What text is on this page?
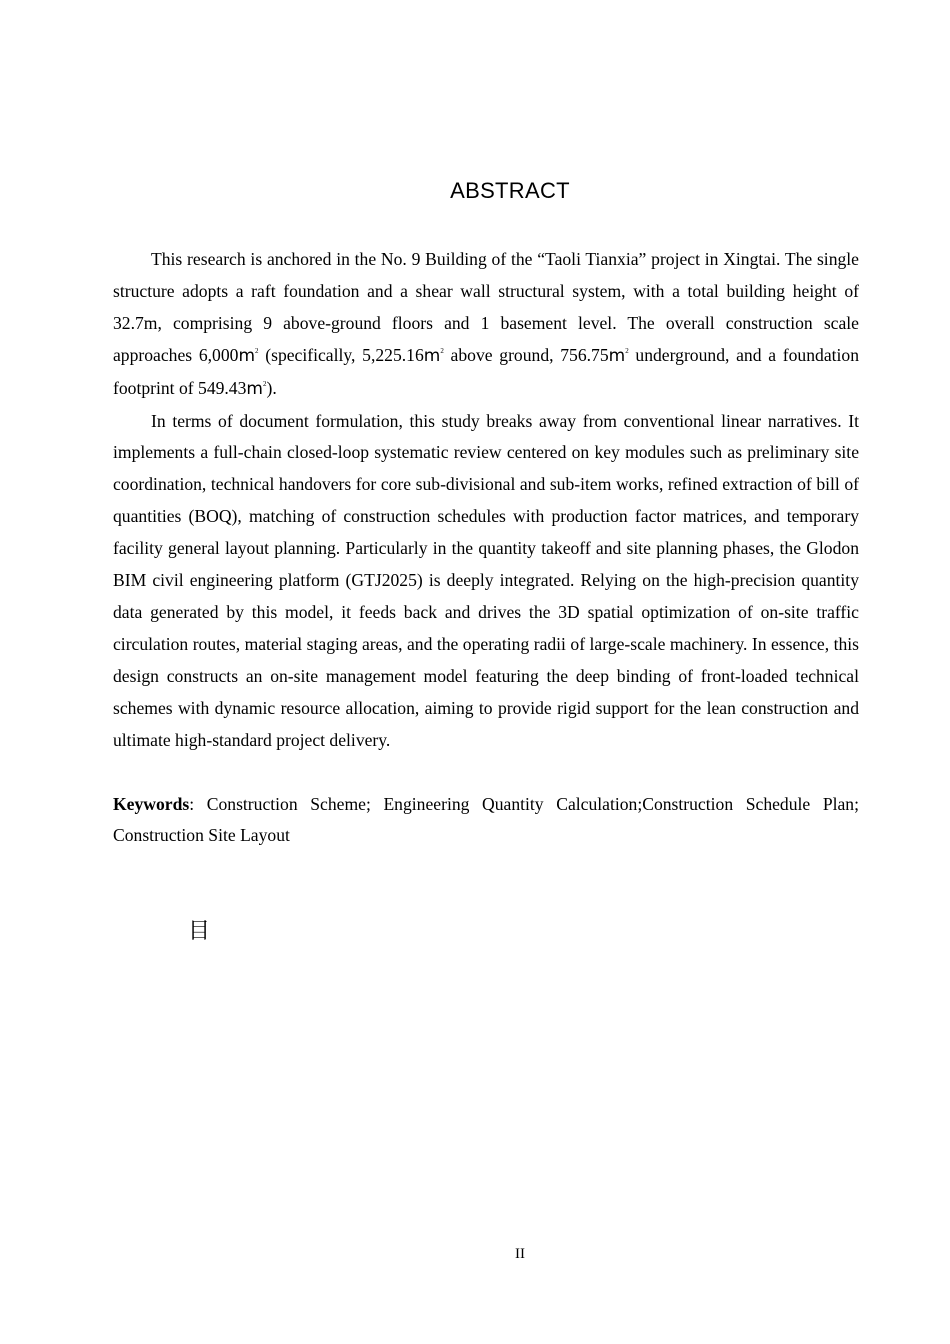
ABSTRACT

This research is anchored in the No. 9 Building of the “Taoli Tianxia” project in Xingtai. The single structure adopts a raft foundation and a shear wall structural system, with a total building height of 32.7m, comprising 9 above-ground floors and 1 basement level. The overall construction scale approaches $6,000m^2$ (specifically, $5,225.16m^2$ above ground, $756.75m^2$ underground, and a foundation footprint of $549.43m^2$).

In terms of document formulation, this study breaks away from conventional linear narratives. It implements a full-chain closed-loop systematic review centered on key modules such as preliminary site coordination, technical handovers for core sub-divisional and sub-item works, refined extraction of bill of quantities (BOQ), matching of construction schedules with production factor matrices, and temporary facility general layout planning. Particularly in the quantity takeoff and site planning phases, the Glodon BIM civil engineering platform (GTJ2025) is deeply integrated. Relying on the high-precision quantity data generated by this model, it feeds back and drives the 3D spatial optimization of on-site traffic circulation routes, material staging areas, and the operating radii of large-scale machinery. In essence, this design constructs an on-site management model featuring the deep binding of front-loaded technical schemes with dynamic resource allocation, aiming to provide rigid support for the lean construction and ultimate high-standard project delivery.

Keywords: Construction Scheme; Engineering Quantity Calculation;Construction Schedule Plan; Construction Site Layout

目
II
